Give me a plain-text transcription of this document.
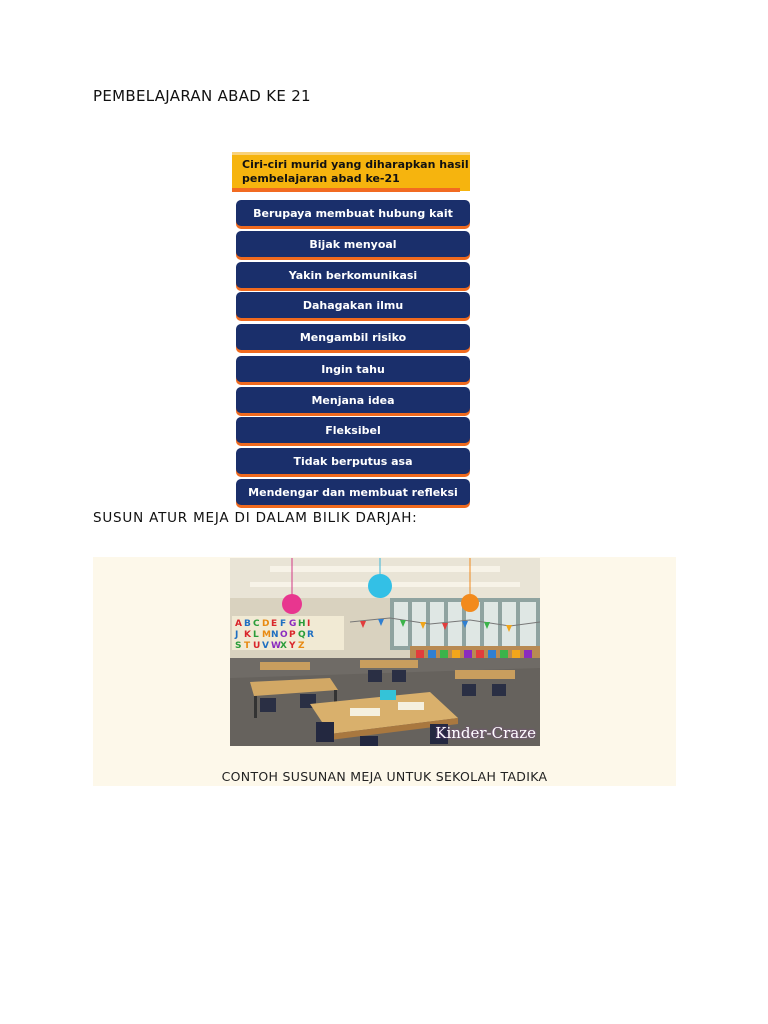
PEMBELAJARAN ABAD KE 21
Ciri-ciri murid yang diharapkan hasil pembelajaran abad ke-21
Berupaya membuat hubung kait
Bijak menyoal
Yakin berkomunikasi
Dahagakan ilmu
Mengambil risiko
Ingin tahu
Menjana idea
Fleksibel
Tidak berputus asa
Mendengar dan membuat refleksi
SUSUN ATUR MEJA DI DALAM BILIK DARJAH:
A B C D E F G H I
J K L M N O P Q R
S T U V W X Y Z
Kinder-Craze
CONTOH SUSUNAN MEJA UNTUK SEKOLAH TADIKA
